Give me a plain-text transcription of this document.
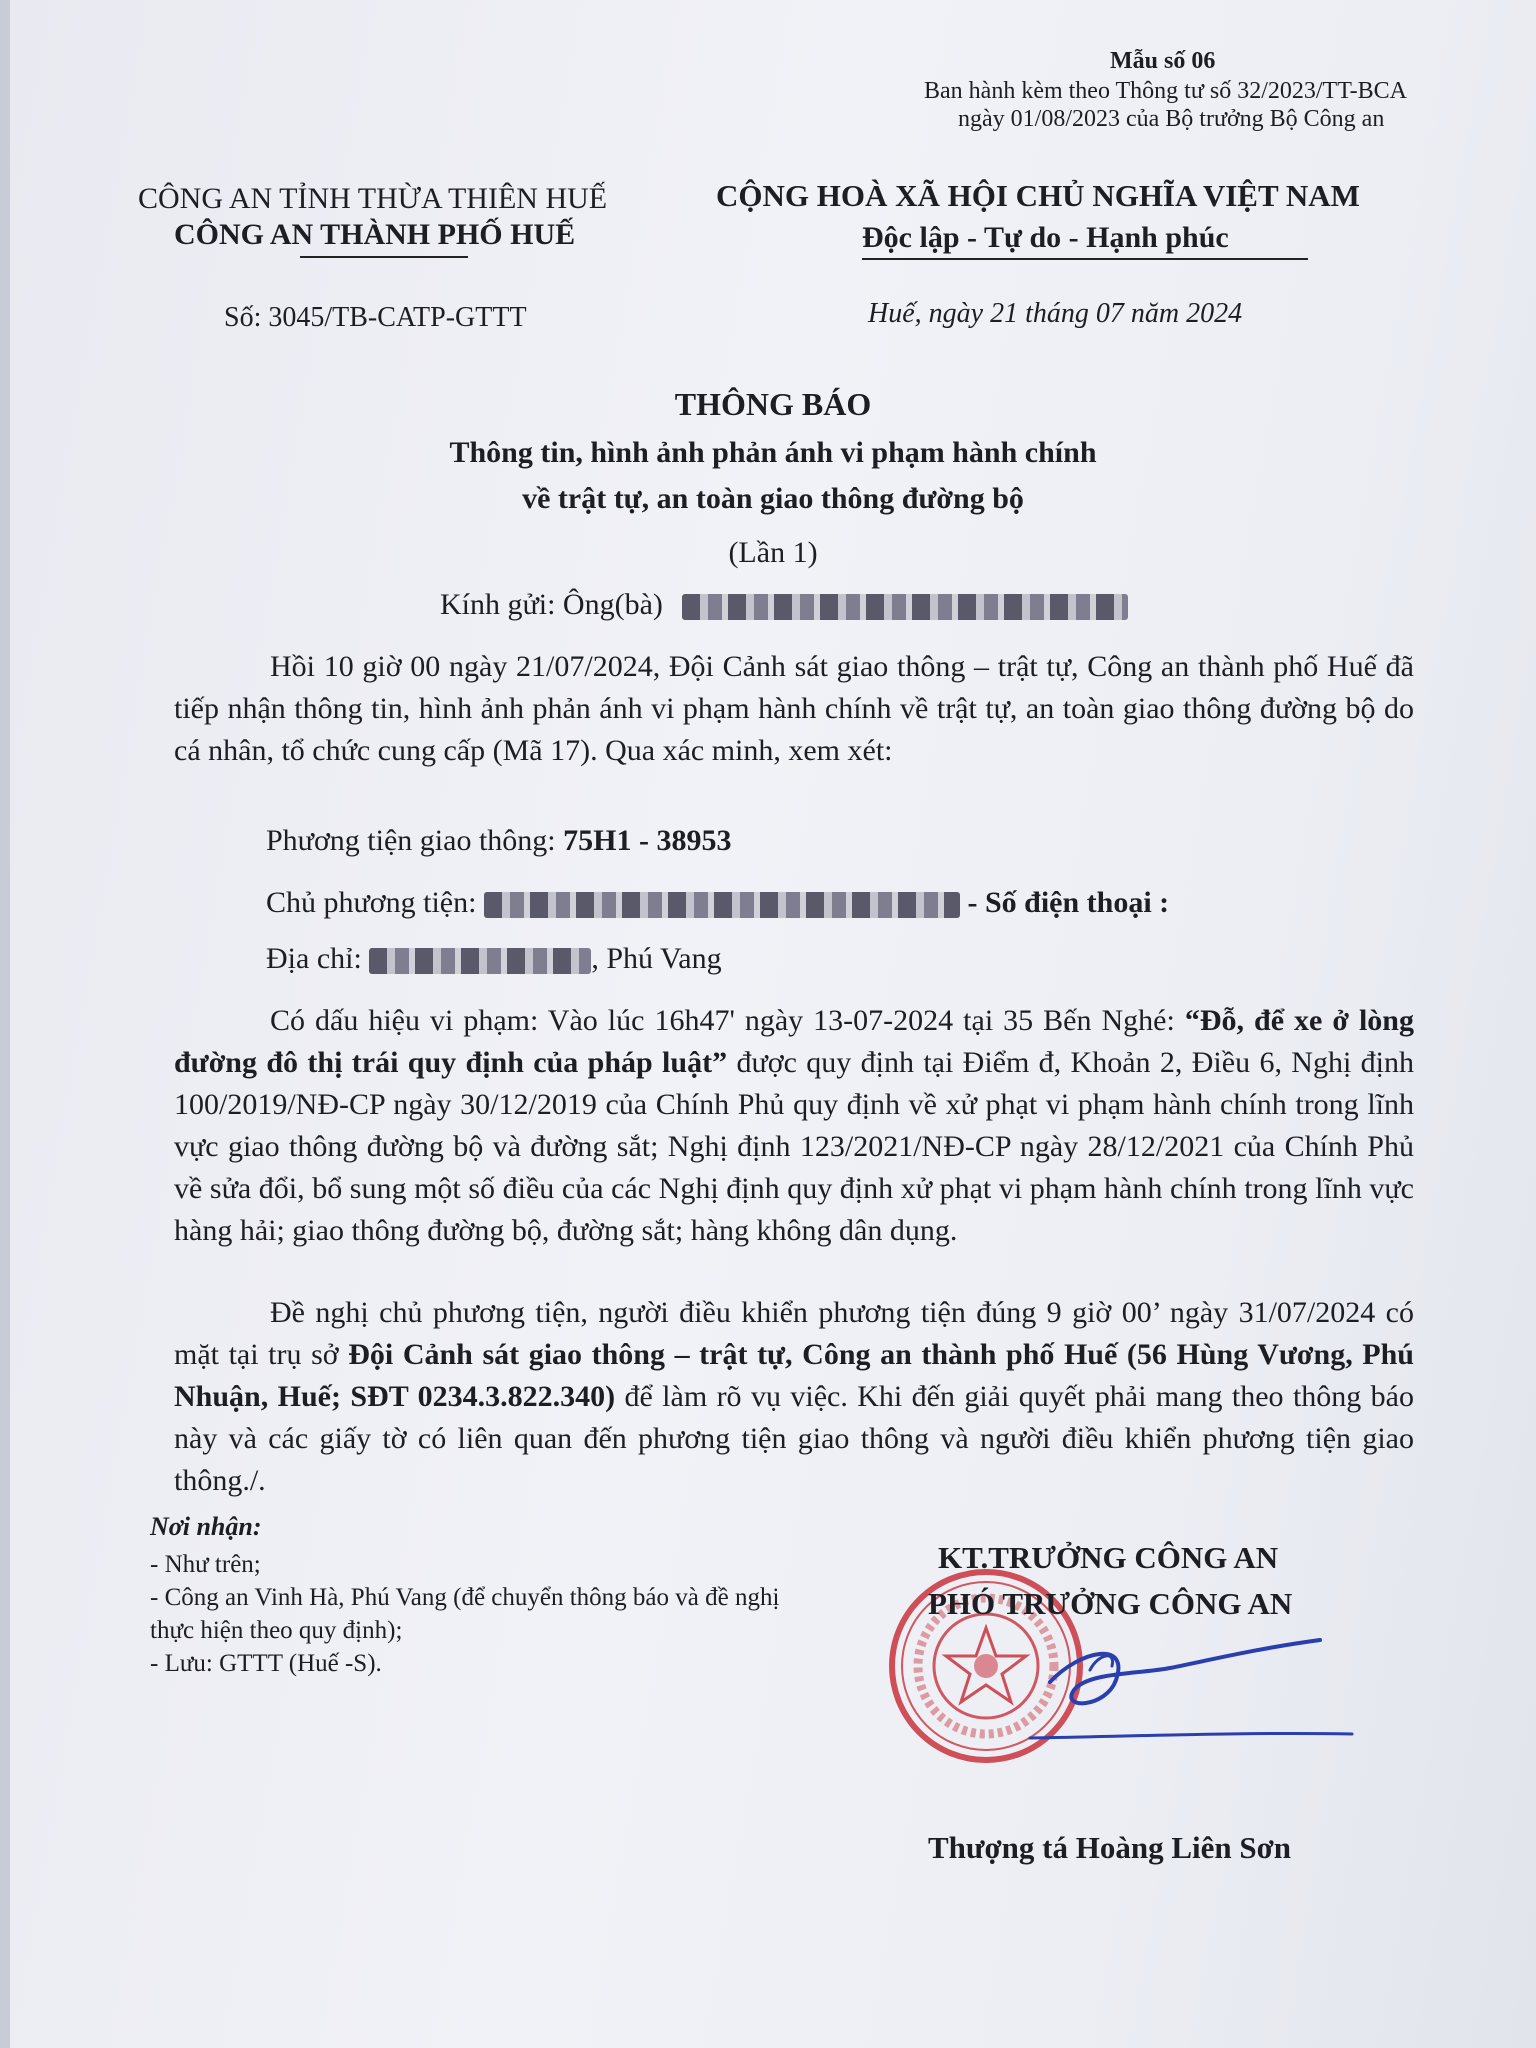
Mẫu số 06
Ban hành kèm theo Thông tư số 32/2023/TT-BCA
ngày 01/08/2023 của Bộ trưởng Bộ Công an
CÔNG AN TỈNH THỪA THIÊN HUẾ
CÔNG AN THÀNH PHỐ HUẾ
CỘNG HOÀ XÃ HỘI CHỦ NGHĨA VIỆT NAM
Độc lập - Tự do - Hạnh phúc
Số: 3045/TB-CATP-GTTT	Huế, ngày 21 tháng 07 năm 2024
THÔNG BÁO
Thông tin, hình ảnh phản ánh vi phạm hành chính
về trật tự, an toàn giao thông đường bộ
(Lần 1)
Kính gửi: Ông(bà)

Hồi 10 giờ 00 ngày 21/07/2024, Đội Cảnh sát giao thông – trật tự, Công an thành phố Huế đã tiếp nhận thông tin, hình ảnh phản ánh vi phạm hành chính về trật tự, an toàn giao thông đường bộ do cá nhân, tổ chức cung cấp (Mã 17). Qua xác minh, xem xét:

Phương tiện giao thông: 75H1 - 38953
Chủ phương tiện:	- Số điện thoại :
Địa chỉ:	, Phú Vang

Có dấu hiệu vi phạm: Vào lúc 16h47' ngày 13-07-2024 tại 35 Bến Nghé: “Đỗ, để xe ở lòng đường đô thị trái quy định của pháp luật” được quy định tại Điểm đ, Khoản 2, Điều 6, Nghị định 100/2019/NĐ-CP ngày 30/12/2019 của Chính Phủ quy định về xử phạt vi phạm hành chính trong lĩnh vực giao thông đường bộ và đường sắt; Nghị định 123/2021/NĐ-CP ngày 28/12/2021 của Chính Phủ về sửa đổi, bổ sung một số điều của các Nghị định quy định xử phạt vi phạm hành chính trong lĩnh vực hàng hải; giao thông đường bộ, đường sắt; hàng không dân dụng.

Đề nghị chủ phương tiện, người điều khiển phương tiện đúng 9 giờ 00’ ngày 31/07/2024 có mặt tại trụ sở Đội Cảnh sát giao thông – trật tự, Công an thành phố Huế (56 Hùng Vương, Phú Nhuận, Huế; SĐT 0234.3.822.340) để làm rõ vụ việc. Khi đến giải quyết phải mang theo thông báo này và các giấy tờ có liên quan đến phương tiện giao thông và người điều khiển phương tiện giao thông./.

Nơi nhận:
- Như trên;
- Công an Vinh Hà, Phú Vang (để chuyển thông báo và đề nghị thực hiện theo quy định);
- Lưu: GTTT (Huế -S).
KT.TRƯỞNG CÔNG AN
PHÓ TRƯỞNG CÔNG AN
Thượng tá Hoàng Liên Sơn
